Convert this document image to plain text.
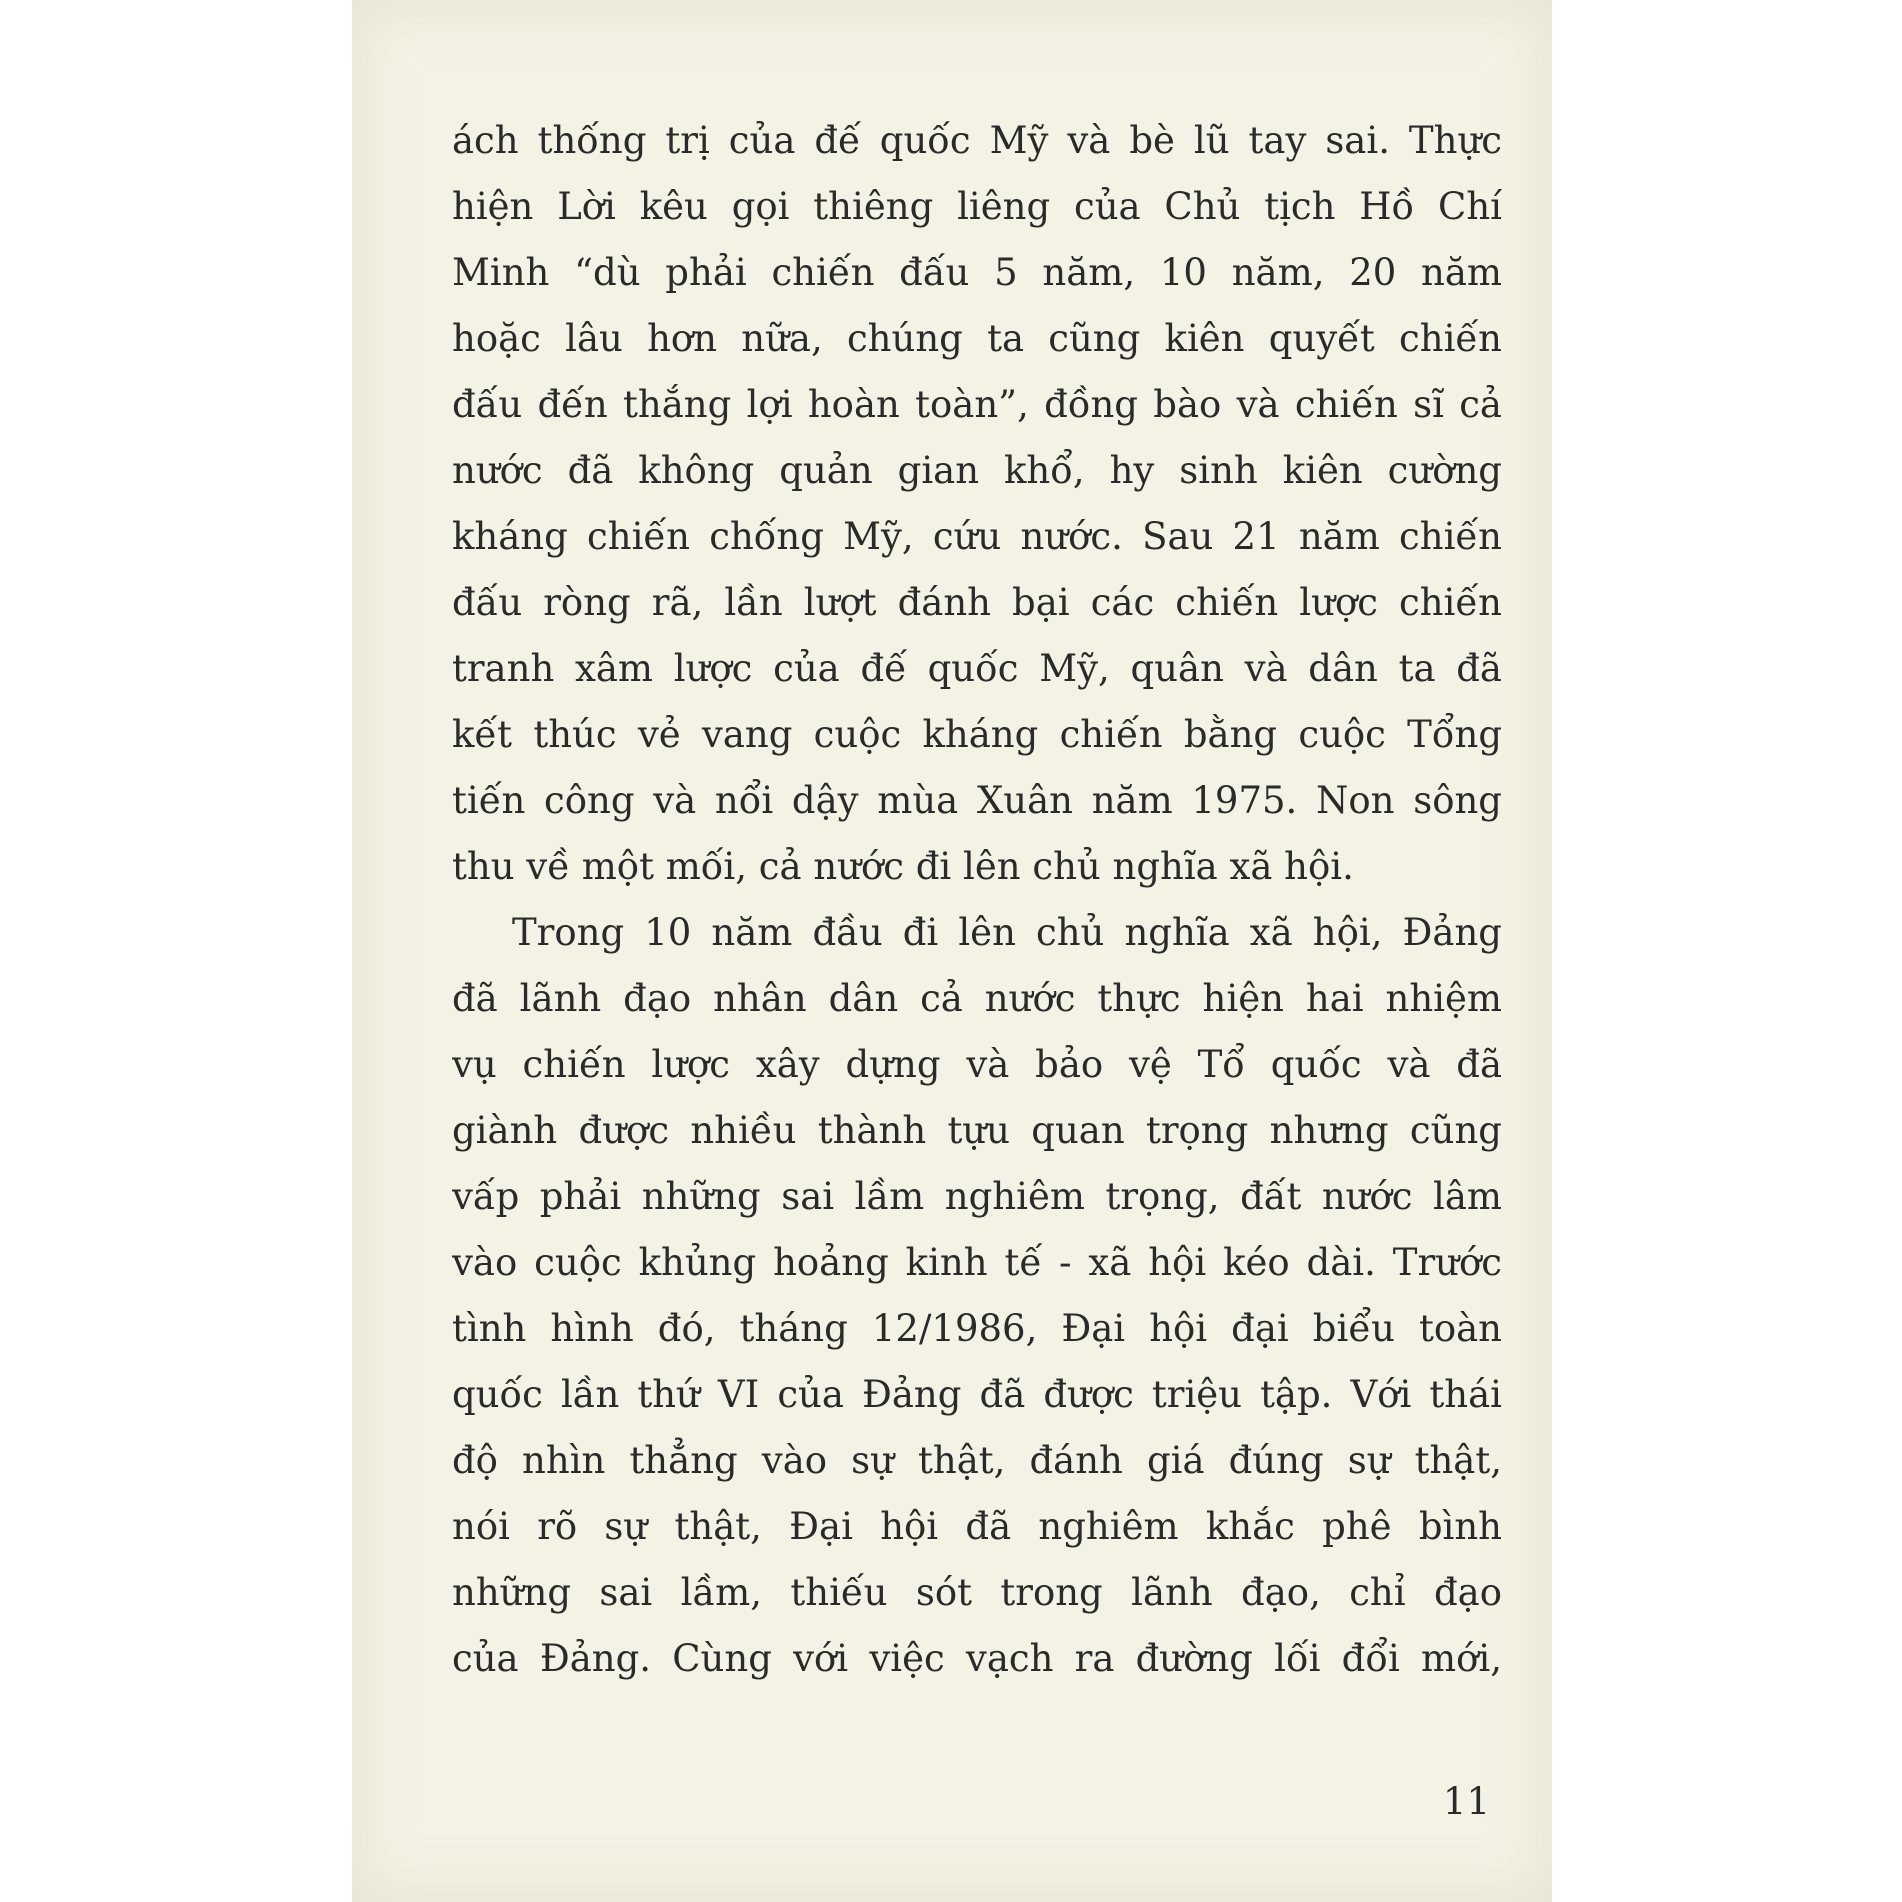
ách thống trị của đế quốc Mỹ và bè lũ tay sai. Thực
hiện Lời kêu gọi thiêng liêng của Chủ tịch Hồ Chí
Minh “dù phải chiến đấu 5 năm, 10 năm, 20 năm
hoặc lâu hơn nữa, chúng ta cũng kiên quyết chiến
đấu đến thắng lợi hoàn toàn”, đồng bào và chiến sĩ cả
nước đã không quản gian khổ, hy sinh kiên cường
kháng chiến chống Mỹ, cứu nước. Sau 21 năm chiến
đấu ròng rã, lần lượt đánh bại các chiến lược chiến
tranh xâm lược của đế quốc Mỹ, quân và dân ta đã
kết thúc vẻ vang cuộc kháng chiến bằng cuộc Tổng
tiến công và nổi dậy mùa Xuân năm 1975. Non sông
thu về một mối, cả nước đi lên chủ nghĩa xã hội.
Trong 10 năm đầu đi lên chủ nghĩa xã hội, Đảng
đã lãnh đạo nhân dân cả nước thực hiện hai nhiệm
vụ chiến lược xây dựng và bảo vệ Tổ quốc và đã
giành được nhiều thành tựu quan trọng nhưng cũng
vấp phải những sai lầm nghiêm trọng, đất nước lâm
vào cuộc khủng hoảng kinh tế - xã hội kéo dài. Trước
tình hình đó, tháng 12/1986, Đại hội đại biểu toàn
quốc lần thứ VI của Đảng đã được triệu tập. Với thái
độ nhìn thẳng vào sự thật, đánh giá đúng sự thật,
nói rõ sự thật, Đại hội đã nghiêm khắc phê bình
những sai lầm, thiếu sót trong lãnh đạo, chỉ đạo
của Đảng. Cùng với việc vạch ra đường lối đổi mới,
11
